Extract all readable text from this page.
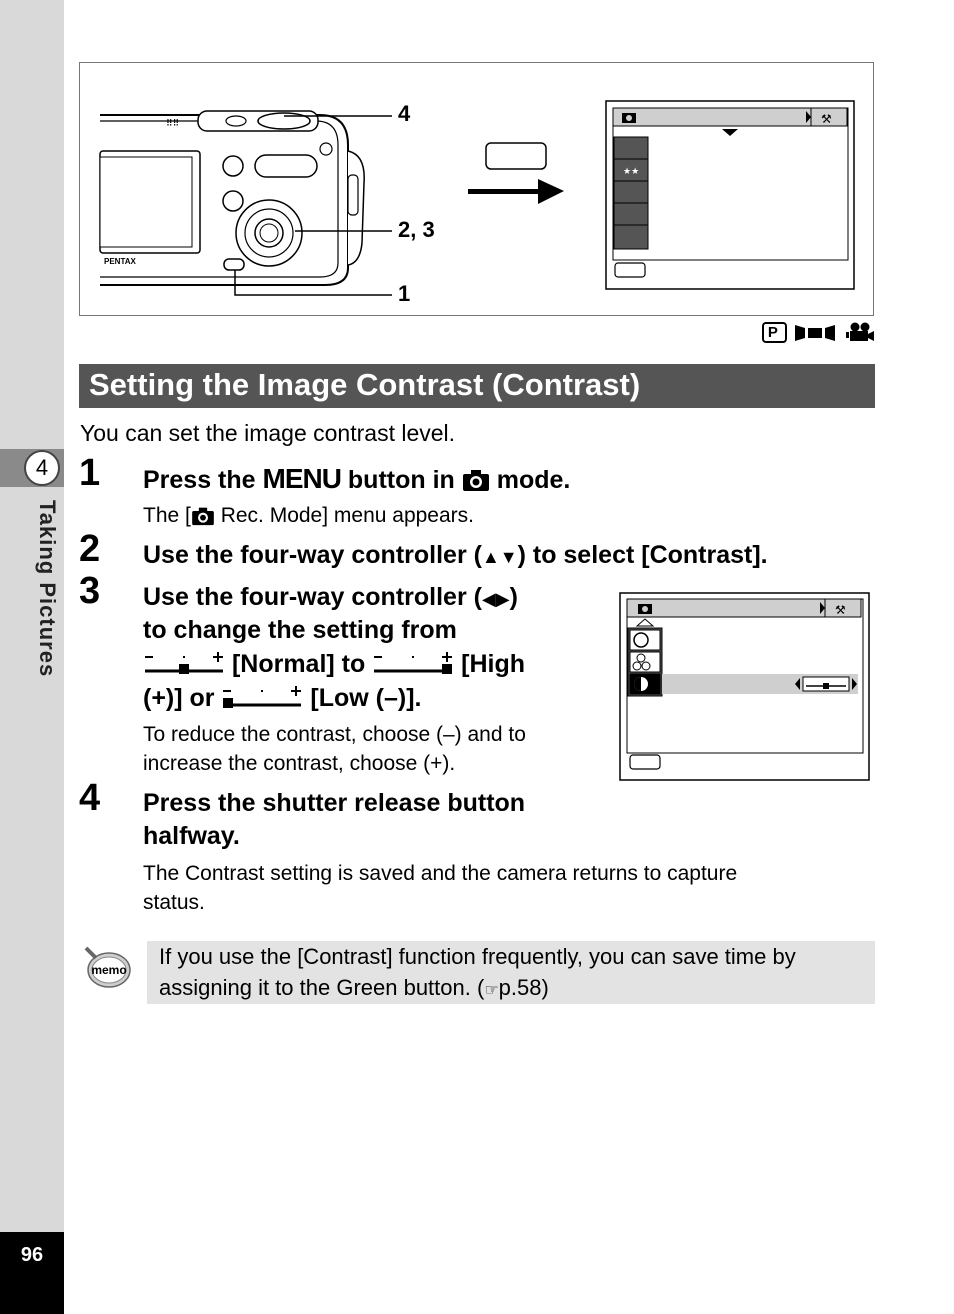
4
Taking Pictures
96
⠿⠿
PENTAX
⚒
★★
4
2, 3
1
P
Setting the Image Contrast (Contrast)
You can set the image contrast level.
1 Press the MENU button in  mode.
The [ Rec. Mode] menu appears.
2 Use the four-way controller (▲▼) to select [Contrast].
3 Use the four-way controller (◀▶)
to change the setting from
[Normal] to	[High
(+)] or	[Low (–)].
To reduce the contrast, choose (–) and to
increase the contrast, choose (+).
⚒
4 Press the shutter release button
halfway.
The Contrast setting is saved and the camera returns to capture
status.
memo
If you use the [Contrast] function frequently, you can save time by
assigning it to the Green button. (☞p.58)
